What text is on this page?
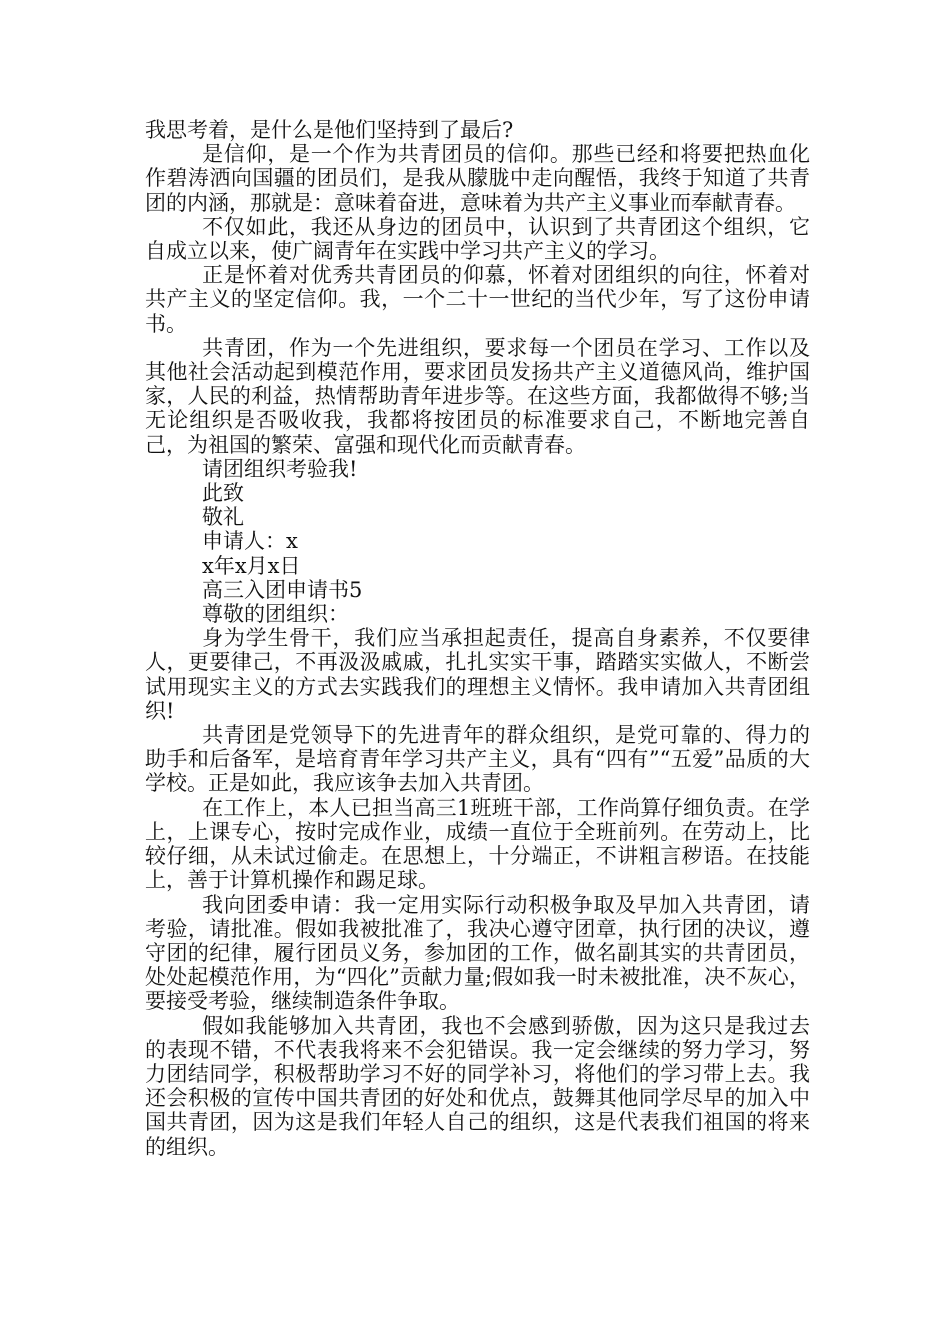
我思考着，是什么是他们坚持到了最后?

是信仰，是一个作为共青团员的信仰。那些已经和将要把热血化作碧涛洒向国疆的团员们，是我从朦胧中走向醒悟，我终于知道了共青团的内涵，那就是：意味着奋进，意味着为共产主义事业而奉献青春。

不仅如此，我还从身边的团员中，认识到了共青团这个组织，它自成立以来，使广阔青年在实践中学习共产主义的学习。

正是怀着对优秀共青团员的仰慕，怀着对团组织的向往，怀着对共产主义的坚定信仰。我，一个二十一世纪的当代少年，写了这份申请书。

共青团，作为一个先进组织，要求每一个团员在学习、工作以及其他社会活动起到模范作用，要求团员发扬共产主义道德风尚，维护国家，人民的利益，热情帮助青年进步等。在这些方面，我都做得不够;当无论组织是否吸收我，我都将按团员的标准要求自己，不断地完善自己，为祖国的繁荣、富强和现代化而贡献青春。

请团组织考验我!

此致

敬礼

申请人：x

x年x月x日

高三入团申请书5

尊敬的团组织：

身为学生骨干，我们应当承担起责任，提高自身素养，不仅要律人，更要律己，不再汲汲戚戚，扎扎实实干事，踏踏实实做人，不断尝试用现实主义的方式去实践我们的理想主义情怀。我申请加入共青团组织!

共青团是党领导下的先进青年的群众组织，是党可靠的、得力的助手和后备军，是培育青年学习共产主义，具有“四有”“五爱”品质的大学校。正是如此，我应该争去加入共青团。

在工作上，本人已担当高三1班班干部，工作尚算仔细负责。在学上，上课专心，按时完成作业，成绩一直位于全班前列。在劳动上，比较仔细，从未试过偷走。在思想上，十分端正，不讲粗言秽语。在技能上，善于计算机操作和踢足球。

我向团委申请：我一定用实际行动积极争取及早加入共青团，请考验，请批准。假如我被批准了，我决心遵守团章，执行团的决议，遵守团的纪律，履行团员义务，参加团的工作，做名副其实的共青团员，处处起模范作用，为“四化”贡献力量;假如我一时未被批准，决不灰心，要接受考验，继续制造条件争取。

假如我能够加入共青团，我也不会感到骄傲，因为这只是我过去的表现不错，不代表我将来不会犯错误。我一定会继续的努力学习，努力团结同学，积极帮助学习不好的同学补习，将他们的学习带上去。我还会积极的宣传中国共青团的好处和优点，鼓舞其他同学尽早的加入中国共青团，因为这是我们年轻人自己的组织，这是代表我们祖国的将来的组织。
